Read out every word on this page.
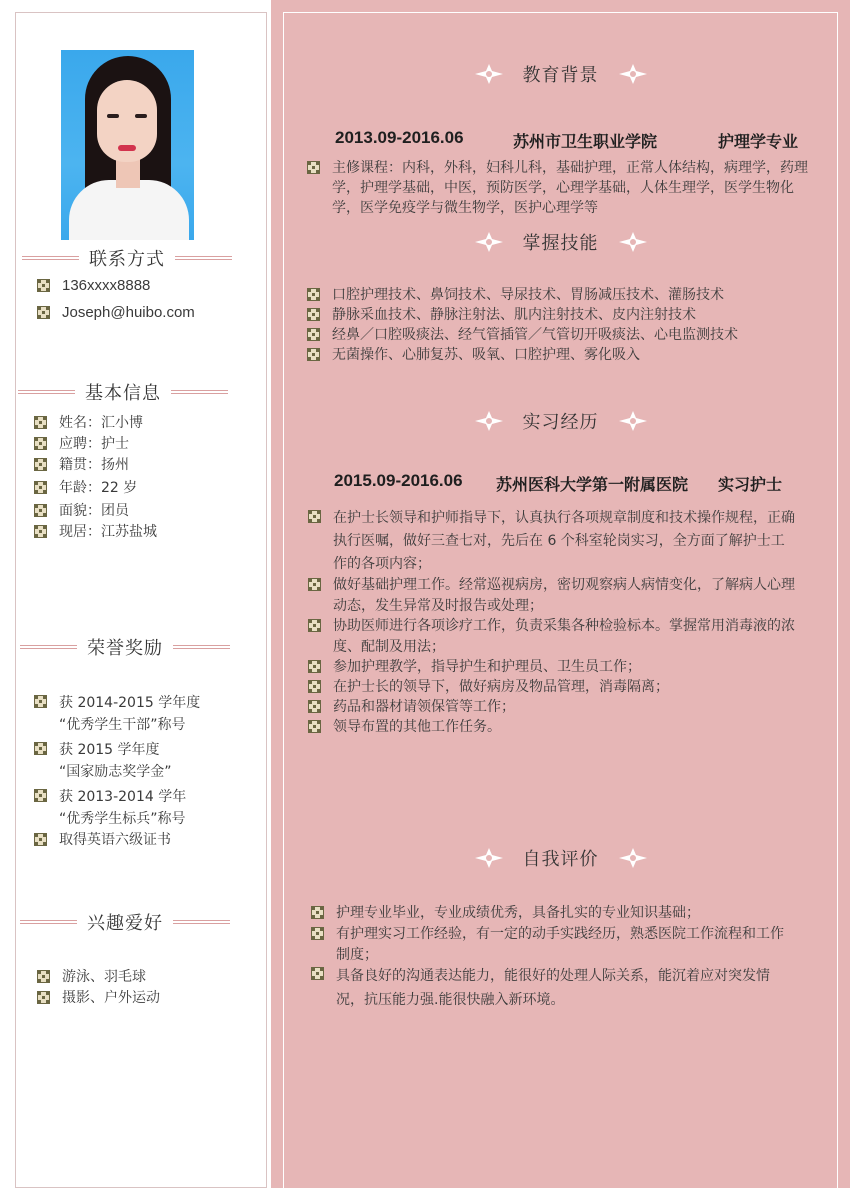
联系方式
136xxxx8888
Joseph@huibo.com
基本信息
姓名：汇小博
应聘：护士
籍贯：扬州
年龄：22 岁
面貌：团员
现居：江苏盐城
荣誉奖励
获 2014-2015 学年度
“优秀学生干部”称号
获 2015 学年度
“国家励志奖学金”
获 2013-2014 学年
“优秀学生标兵”称号
取得英语六级证书
兴趣爱好
游泳、羽毛球
摄影、户外运动
教育背景
2013.09-2016.06	苏州市卫生职业学院	护理学专业
主修课程：内科，外科，妇科儿科，基础护理，正常人体结构，病理学，药理学，护理学基础，中医，预防医学，心理学基础，人体生理学，医学生物化学，医学免疫学与微生物学，医护心理学等
掌握技能
口腔护理技术、鼻饲技术、导尿技术、胃肠减压技术、灌肠技术
静脉采血技术、静脉注射法、肌内注射技术、皮内注射技术
经鼻／口腔吸痰法、经气管插管／气管切开吸痰法、心电监测技术
无菌操作、心肺复苏、吸氧、口腔护理、雾化吸入
实习经历
2015.09-2016.06 苏州医科大学第一附属医院 实习护士
在护士长领导和护师指导下，认真执行各项规章制度和技术操作规程，正确执行医嘱，做好三查七对，先后在 6 个科室轮岗实习，全方面了解护士工作的各项内容；
做好基础护理工作。经常巡视病房，密切观察病人病情变化，了解病人心理动态，发生异常及时报告或处理；
协助医师进行各项诊疗工作，负责采集各种检验标本。掌握常用消毒液的浓度、配制及用法；
参加护理教学，指导护生和护理员、卫生员工作；
在护士长的领导下，做好病房及物品管理，消毒隔离；
药品和器材请领保管等工作；
领导布置的其他工作任务。
自我评价
护理专业毕业，专业成绩优秀，具备扎实的专业知识基础；
有护理实习工作经验，有一定的动手实践经历，熟悉医院工作流程和工作制度；
具备良好的沟通表达能力，能很好的处理人际关系，能沉着应对突发情况，抗压能力强.能很快融入新环境。
